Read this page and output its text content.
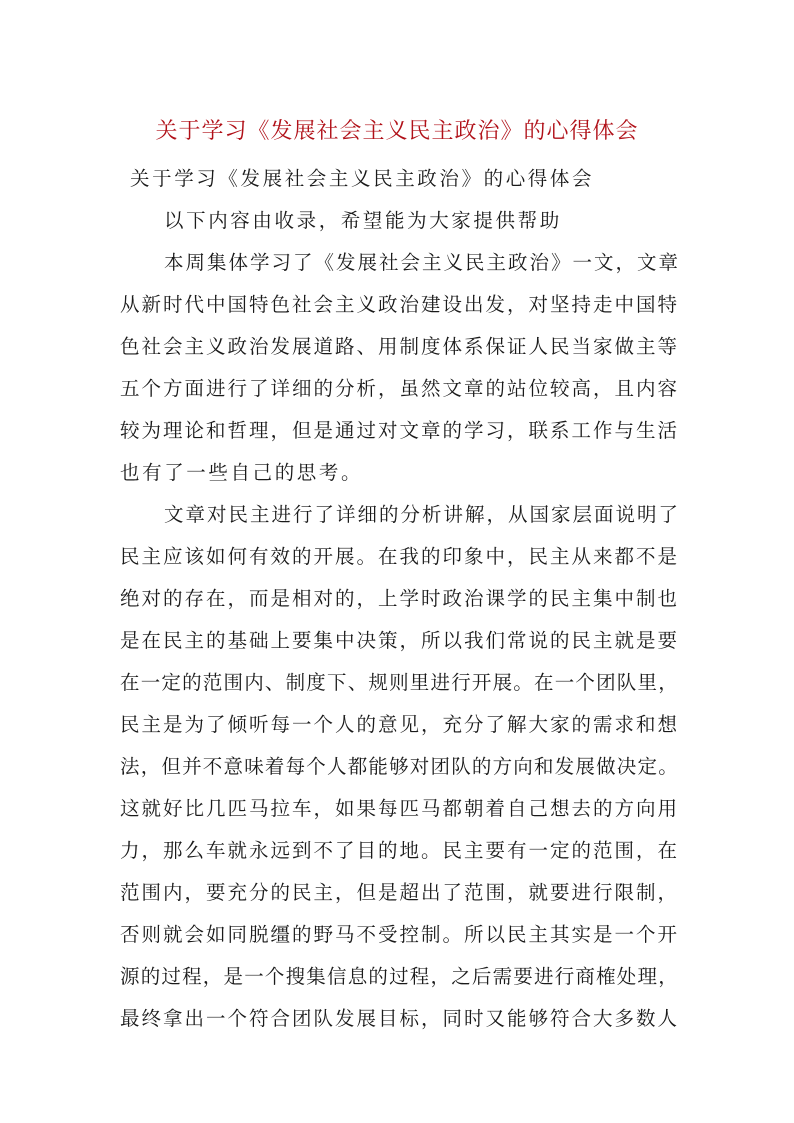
关于学习《发展社会主义民主政治》的心得体会
关于学习《发展社会主义民主政治》的心得体会
以下内容由收录，希望能为大家提供帮助
本周集体学习了《发展社会主义民主政治》一文，文章
从新时代中国特色社会主义政治建设出发，对坚持走中国特
色社会主义政治发展道路、用制度体系保证人民当家做主等
五个方面进行了详细的分析，虽然文章的站位较高，且内容
较为理论和哲理，但是通过对文章的学习，联系工作与生活
也有了一些自己的思考。
文章对民主进行了详细的分析讲解，从国家层面说明了
民主应该如何有效的开展。在我的印象中，民主从来都不是
绝对的存在，而是相对的，上学时政治课学的民主集中制也
是在民主的基础上要集中决策，所以我们常说的民主就是要
在一定的范围内、制度下、规则里进行开展。在一个团队里，
民主是为了倾听每一个人的意见，充分了解大家的需求和想
法，但并不意味着每个人都能够对团队的方向和发展做决定。
这就好比几匹马拉车，如果每匹马都朝着自己想去的方向用
力，那么车就永远到不了目的地。民主要有一定的范围，在
范围内，要充分的民主，但是超出了范围，就要进行限制，
否则就会如同脱缰的野马不受控制。所以民主其实是一个开
源的过程，是一个搜集信息的过程，之后需要进行商榷处理，
最终拿出一个符合团队发展目标，同时又能够符合大多数人
